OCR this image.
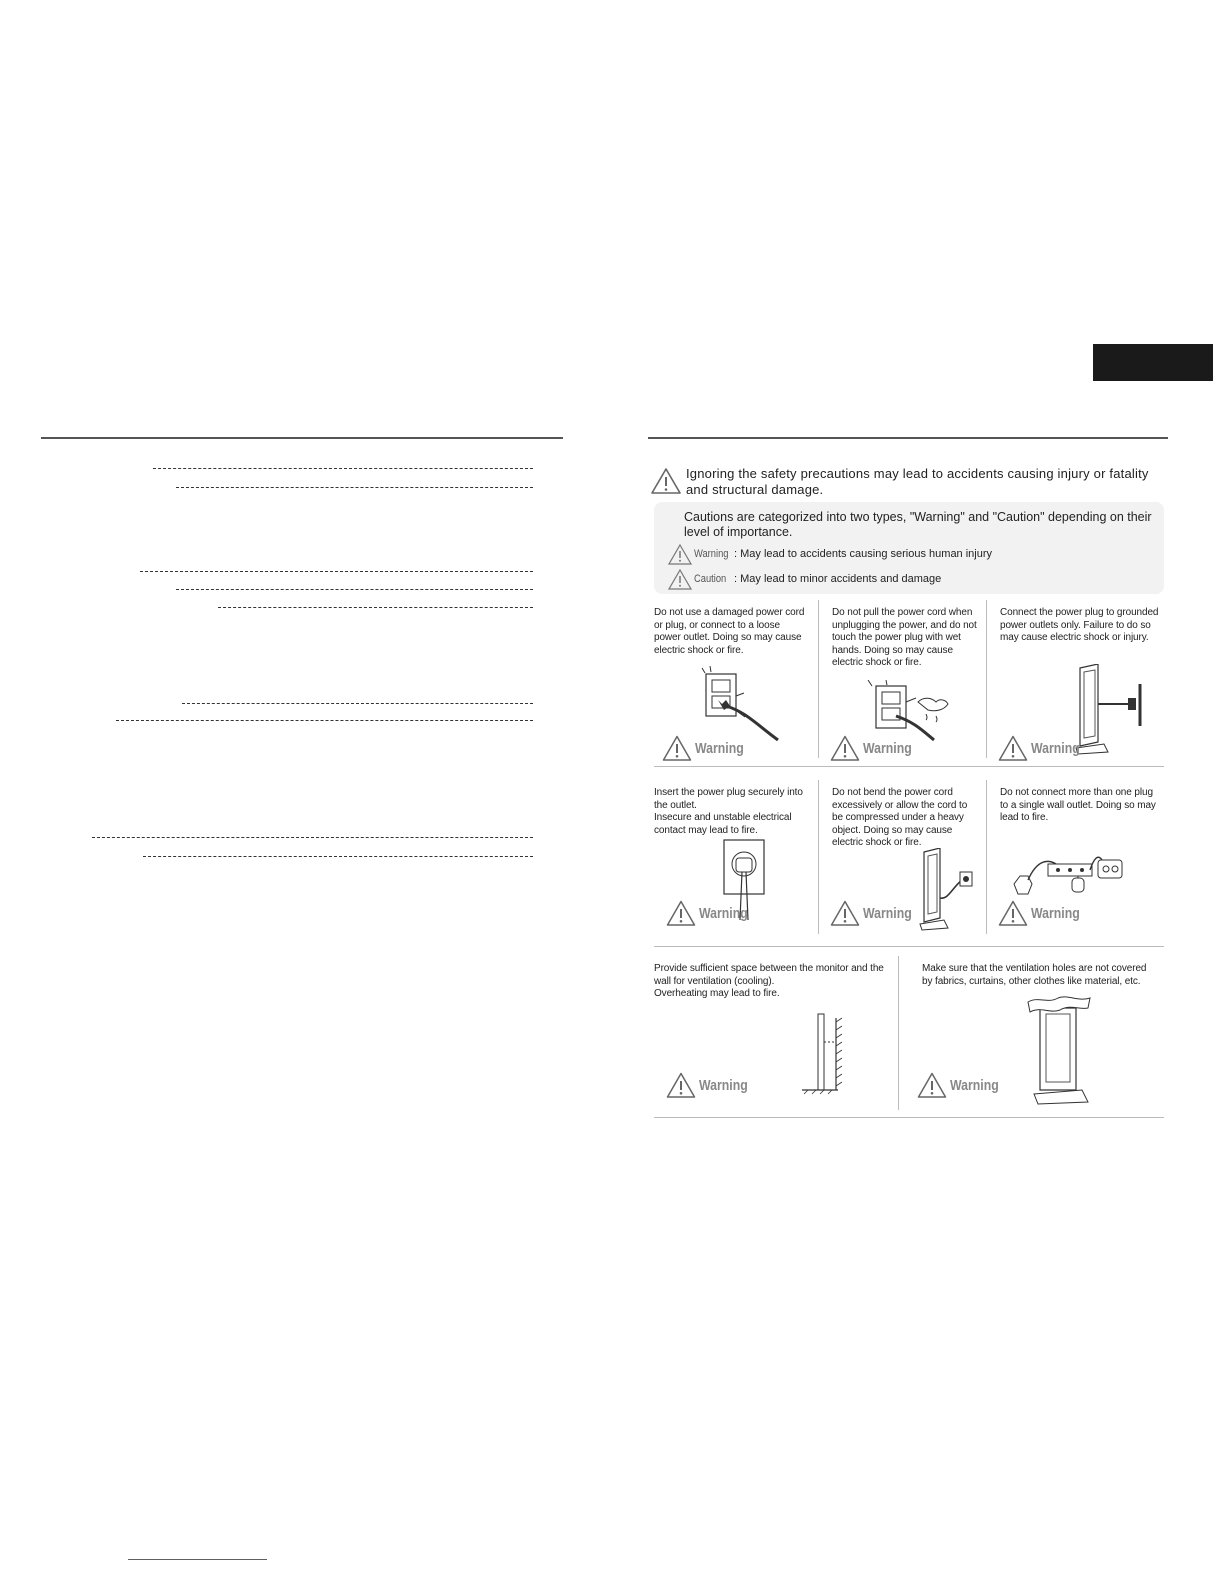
Ignoring the safety precautions may lead to accidents causing injury or fatality and structural damage.
Cautions are categorized into two types, "Warning" and "Caution" depending on their level of importance.
Warning : May lead to accidents causing serious human injury
Caution : May lead to minor accidents and damage
Do not use a damaged power cord or plug, or connect to a loose power outlet. Doing so may cause electric shock or fire.
Warning
Do not pull the power cord when unplugging the power, and do not touch the power plug with wet hands. Doing so may cause electric shock or fire.
Warning
Connect the power plug to grounded power outlets only. Failure to do so may cause electric shock or injury.
Warning
Insert the power plug securely into the outlet.
Insecure and unstable electrical contact may lead to fire.
Warning
Do not bend the power cord excessively or allow the cord to be compressed under a heavy object. Doing so may cause electric shock or fire.
Warning
Do not connect more than one plug to a single wall outlet. Doing so may lead to fire.
Warning
Provide sufficient space between the monitor and the wall for ventilation (cooling).
Overheating may lead to fire.
Warning
Make sure that the ventilation holes are not covered by fabrics, curtains, other clothes like material, etc.
Warning
